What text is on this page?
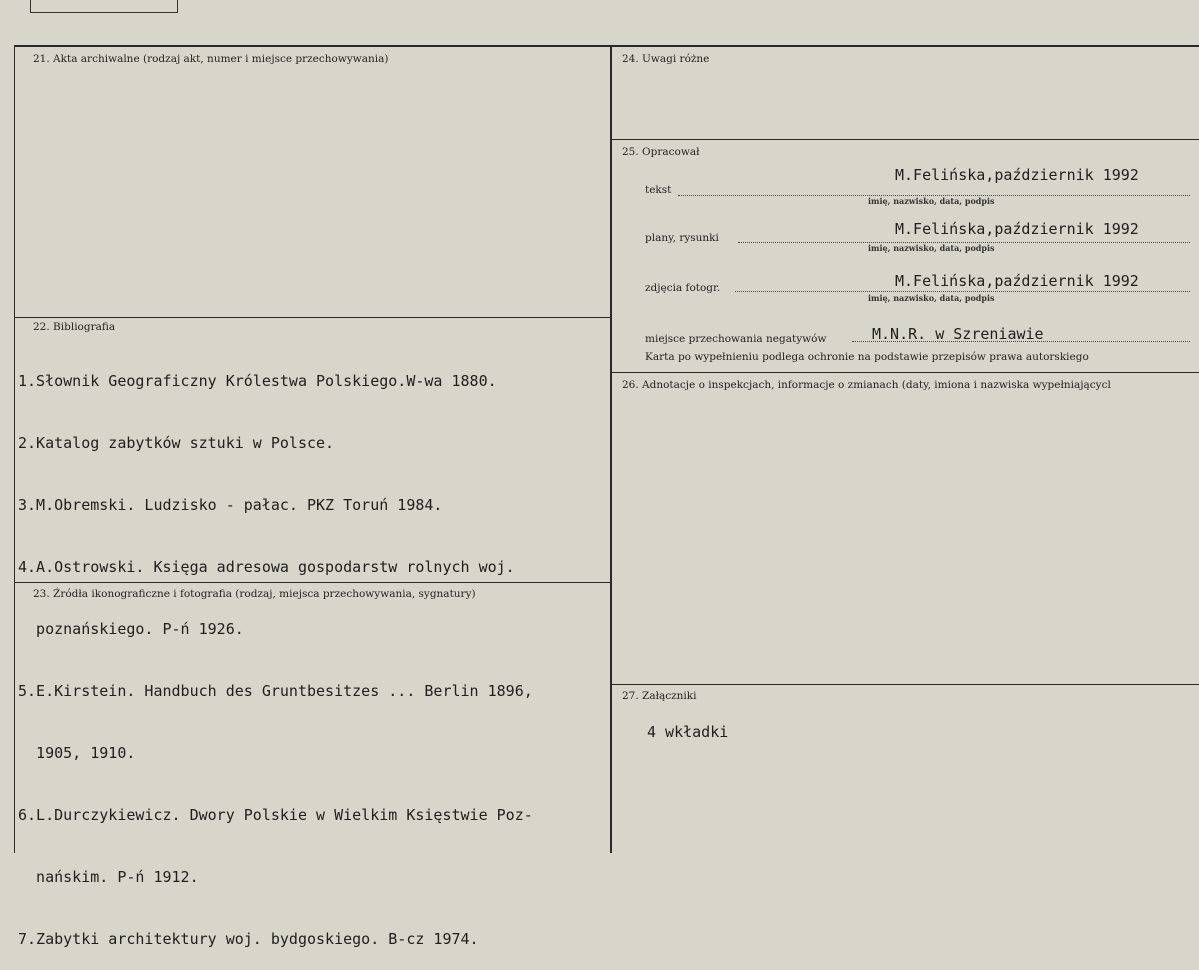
21. Akta archiwalne (rodzaj akt, numer i miejsce przechowywania)
22. Bibliografia

1.Słownik Geograficzny Królestwa Polskiego.W-wa 1880.

2.Katalog zabytków sztuki w Polsce.

3.M.Obremski. Ludzisko - pałac. PKZ Toruń 1984.

4.A.Ostrowski. Księga adresowa gospodarstw rolnych woj.

poznańskiego. P-ń 1926.

5.E.Kirstein. Handbuch des Gruntbesitzes ... Berlin 1896,

1905, 1910.

6.L.Durczykiewicz. Dwory Polskie w Wielkim Księstwie Poz-

nańskim. P-ń 1912.

7.Zabytki architektury woj. bydgoskiego. B-cz 1974.

23. Źródła ikonograficzne i fotografia (rodzaj, miejsca przechowywania, sygnatury)
24. Uwagi różne
25. Opracował
tekst
M.Felińska,październik 1992
imię, nazwisko, data, podpis
plany, rysunki	M.Felińska,październik 1992
imię, nazwisko, data, podpis
zdjęcia fotogr.	M.Felińska,październik 1992
imię, nazwisko, data, podpis
miejsce przechowania negatywów	M.N.R. w Szreniawie
Karta po wypełnieniu podlega ochronie na podstawie przepisów prawa autorskiego
26. Adnotacje o inspekcjach, informacje o zmianach (daty, imiona i nazwiska wypełniającycl
27. Załączniki
4 wkładki
